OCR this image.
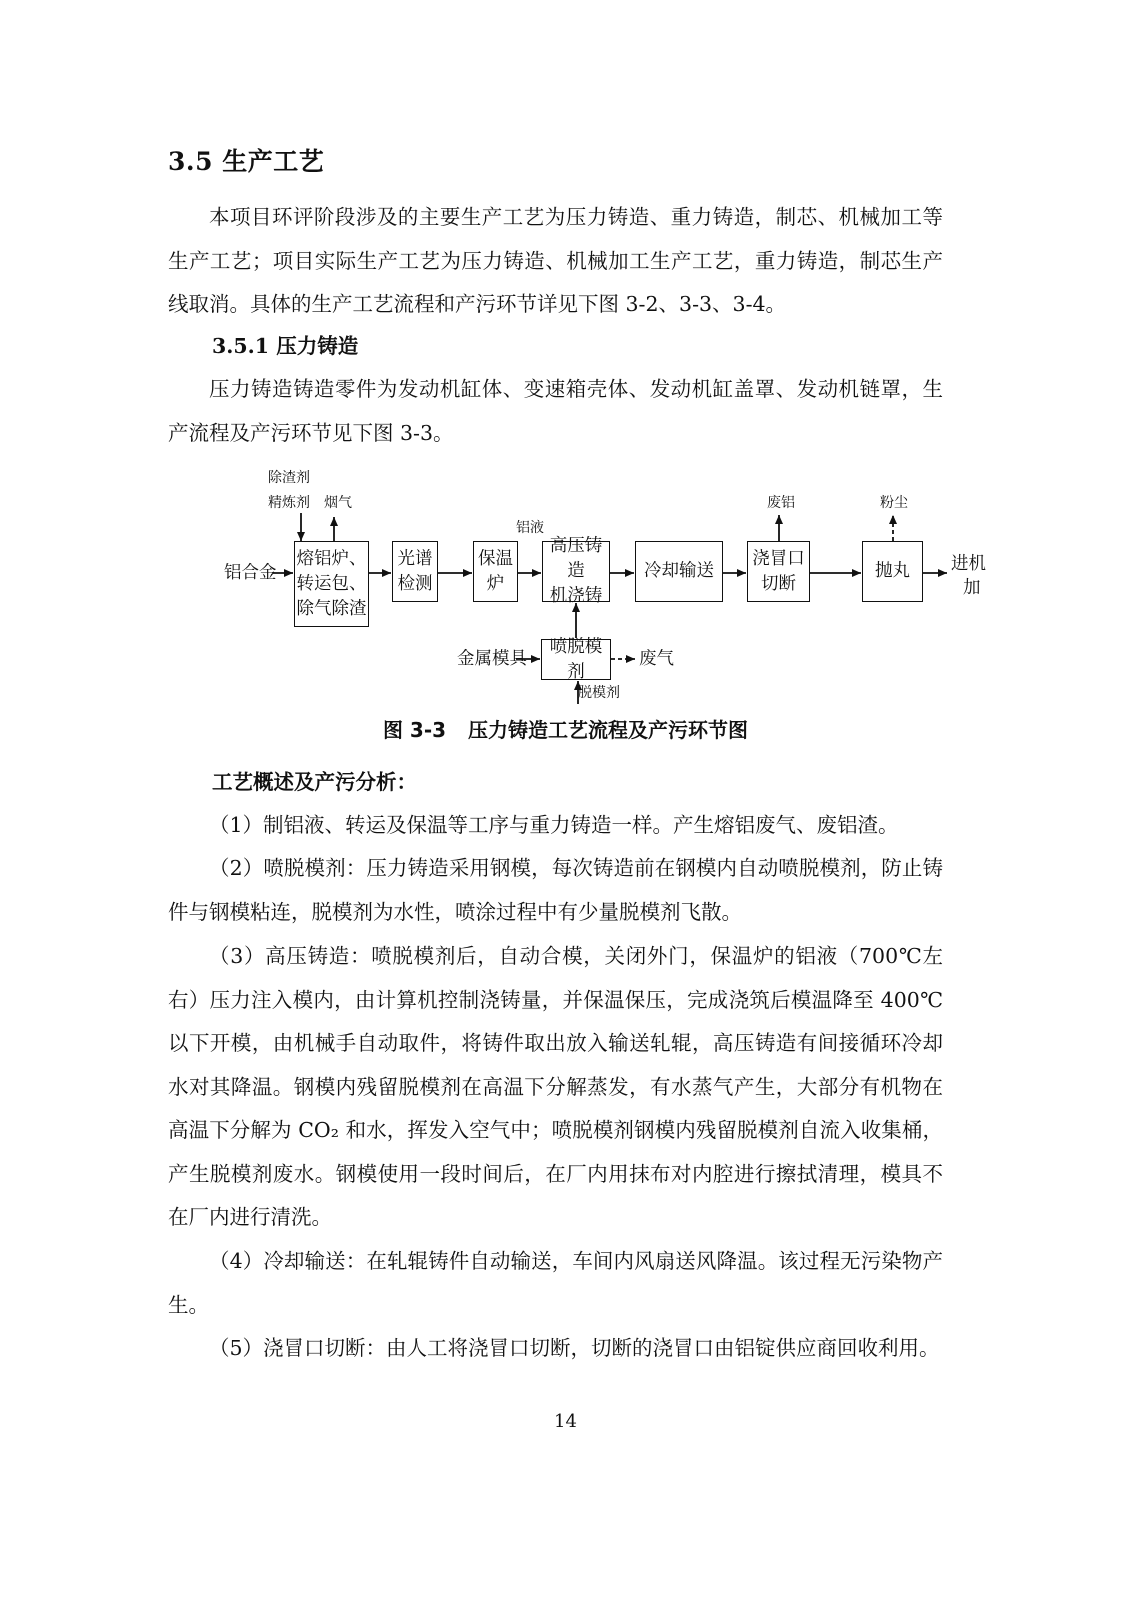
3.5 生产工艺

本项目环评阶段涉及的主要生产工艺为压力铸造、重力铸造，制芯、机械加工等生产工艺；项目实际生产工艺为压力铸造、机械加工生产工艺，重力铸造，制芯生产线取消。具体的生产工艺流程和产污环节详见下图 3-2、3-3、3-4。

3.5.1 压力铸造

压力铸造铸造零件为发动机缸体、变速箱壳体、发动机缸盖罩、发动机链罩，生产流程及产污环节见下图 3-3。

铝合金
除渣剂
精炼剂 烟气
铝液
废铝	粉尘
进机
加
金属模具	废气
脱模剂
熔铝炉、
转运包、
除气除渣
光谱
检测
保温
炉
高压铸造
机浇铸
冷却输送
浇冒口
切断
抛丸
喷脱模剂

图 3-3 压力铸造工艺流程及产污环节图

工艺概述及产污分析：

（1）制铝液、转运及保温等工序与重力铸造一样。产生熔铝废气、废铝渣。

（2）喷脱模剂：压力铸造采用钢模，每次铸造前在钢模内自动喷脱模剂，防止铸件与钢模粘连，脱模剂为水性，喷涂过程中有少量脱模剂飞散。

（3）高压铸造：喷脱模剂后，自动合模，关闭外门，保温炉的铝液（700℃左右）压力注入模内，由计算机控制浇铸量，并保温保压，完成浇筑后模温降至 400℃以下开模，由机械手自动取件，将铸件取出放入输送轧辊，高压铸造有间接循环冷却水对其降温。钢模内残留脱模剂在高温下分解蒸发，有水蒸气产生，大部分有机物在高温下分解为 CO₂ 和水，挥发入空气中；喷脱模剂钢模内残留脱模剂自流入收集桶，产生脱模剂废水。钢模使用一段时间后，在厂内用抹布对内腔进行擦拭清理，模具不在厂内进行清洗。

（4）冷却输送：在轧辊铸件自动输送，车间内风扇送风降温。该过程无污染物产生。

（5）浇冒口切断：由人工将浇冒口切断，切断的浇冒口由铝锭供应商回收利用。

14
